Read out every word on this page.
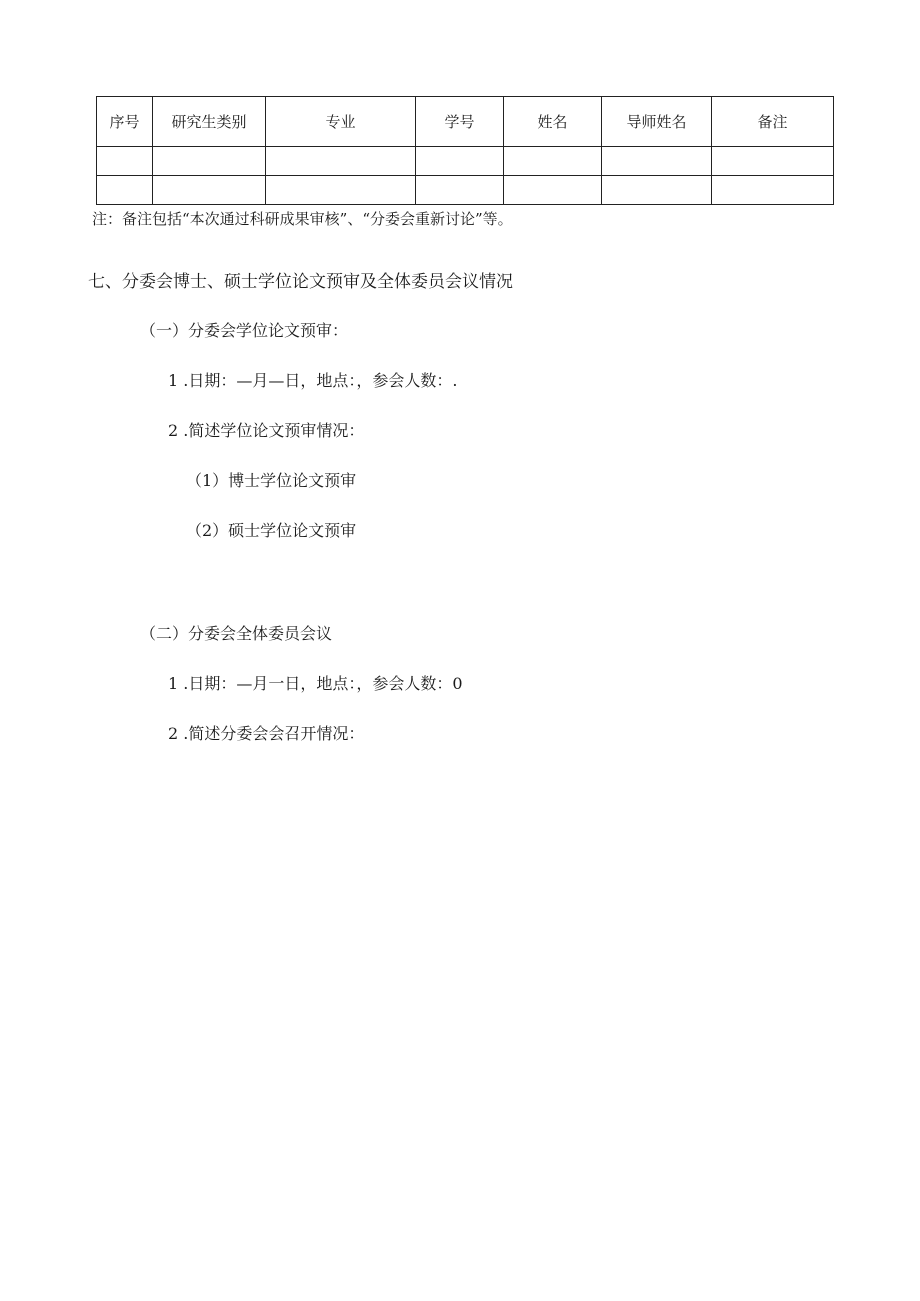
序号	研究生类别	专业	学号	姓名	导师姓名	备注

注：备注包括“本次通过科研成果审核”、“分委会重新讨论”等。
七、分委会博士、硕士学位论文预审及全体委员会议情况
（一）分委会学位论文预审：
1 .日期：—月—日，地点：，参会人数：.
2 .简述学位论文预审情况：
（1）博士学位论文预审
（2）硕士学位论文预审
（二）分委会全体委员会议
1 .日期：—月一日，地点：，参会人数：0
2 .简述分委会会召开情况：
